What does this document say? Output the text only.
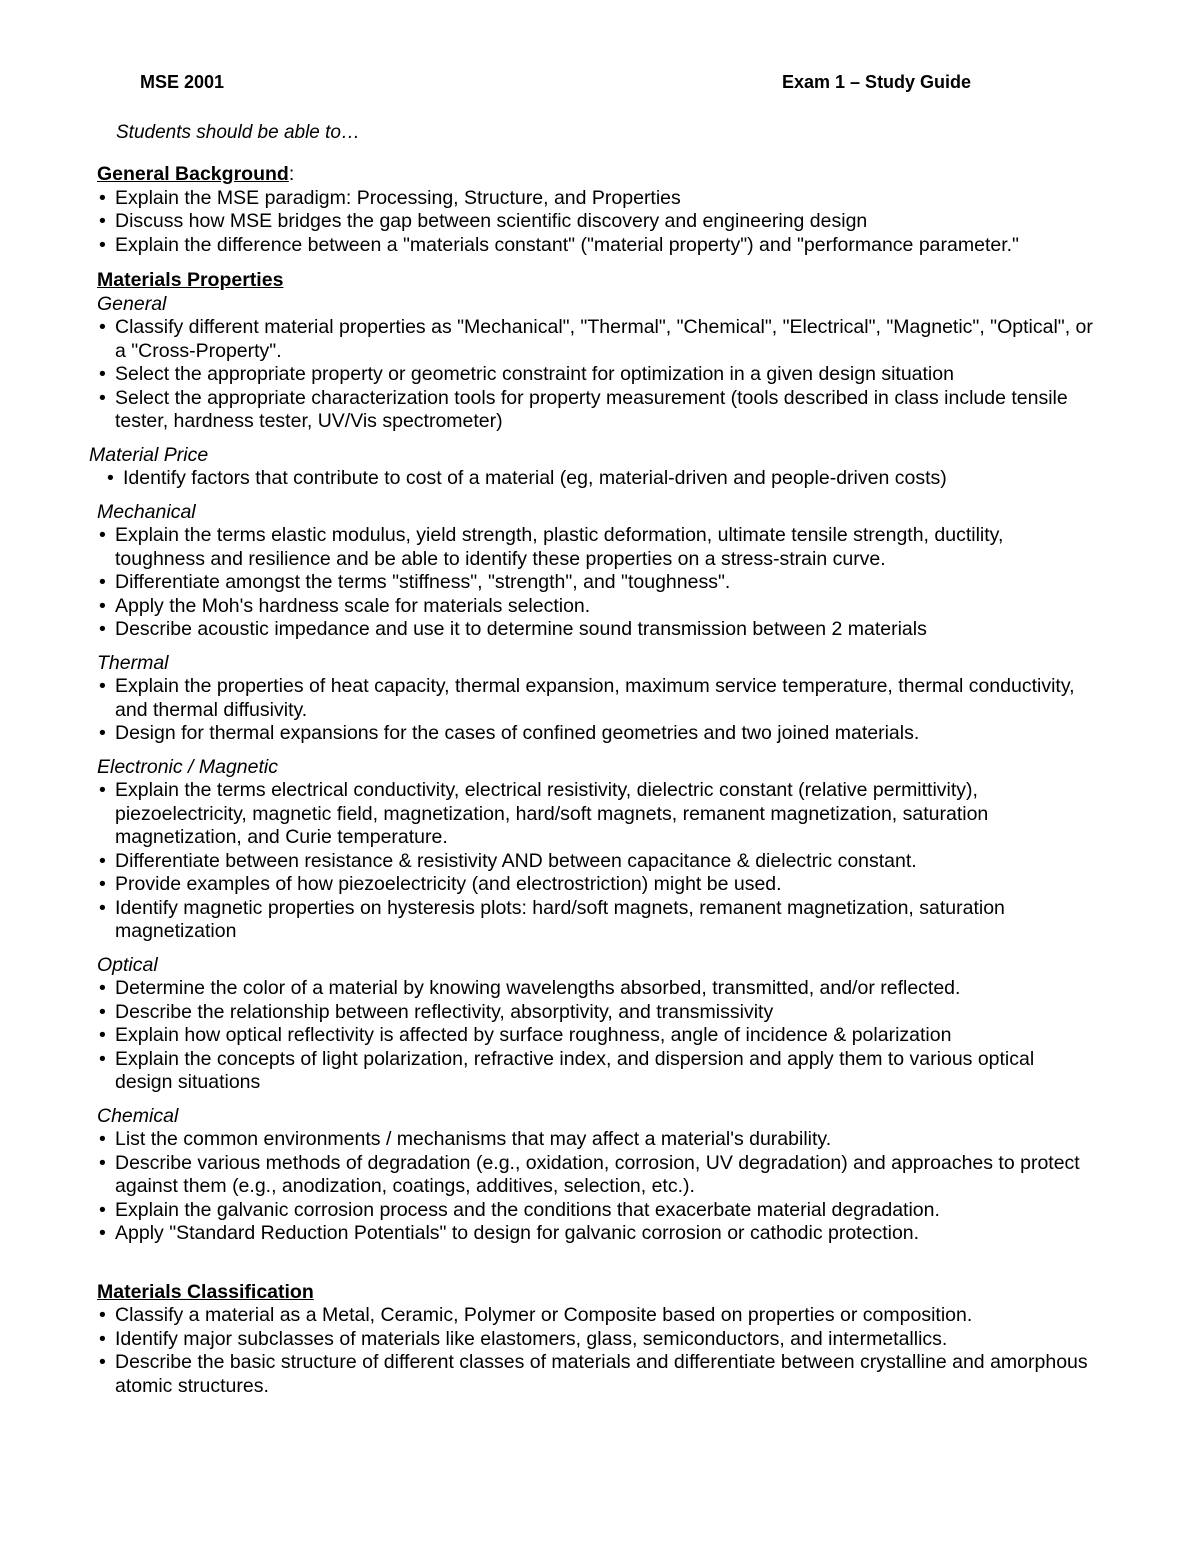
MSE 2001	Exam 1 – Study Guide
Students should be able to…
General Background:
• Explain the MSE paradigm: Processing, Structure, and Properties
• Discuss how MSE bridges the gap between scientific discovery and engineering design
• Explain the difference between a "materials constant" ("material property") and "performance parameter."
Materials Properties
General
• Classify different material properties as "Mechanical", "Thermal", "Chemical", "Electrical", "Magnetic", "Optical", or a "Cross-Property".
• Select the appropriate property or geometric constraint for optimization in a given design situation
• Select the appropriate characterization tools for property measurement (tools described in class include tensile tester, hardness tester, UV/Vis spectrometer)
Material Price
• Identify factors that contribute to cost of a material (eg, material-driven and people-driven costs)
Mechanical
• Explain the terms elastic modulus, yield strength, plastic deformation, ultimate tensile strength, ductility, toughness and resilience and be able to identify these properties on a stress-strain curve.
• Differentiate amongst the terms "stiffness", "strength", and "toughness".
• Apply the Moh's hardness scale for materials selection.
• Describe acoustic impedance and use it to determine sound transmission between 2 materials
Thermal
• Explain the properties of heat capacity, thermal expansion, maximum service temperature, thermal conductivity, and thermal diffusivity.
• Design for thermal expansions for the cases of confined geometries and two joined materials.
Electronic / Magnetic
• Explain the terms electrical conductivity, electrical resistivity, dielectric constant (relative permittivity), piezoelectricity, magnetic field, magnetization, hard/soft magnets, remanent magnetization, saturation magnetization, and Curie temperature.
• Differentiate between resistance & resistivity AND between capacitance & dielectric constant.
• Provide examples of how piezoelectricity (and electrostriction) might be used.
• Identify magnetic properties on hysteresis plots: hard/soft magnets, remanent magnetization, saturation magnetization
Optical
• Determine the color of a material by knowing wavelengths absorbed, transmitted, and/or reflected.
• Describe the relationship between reflectivity, absorptivity, and transmissivity
• Explain how optical reflectivity is affected by surface roughness, angle of incidence & polarization
• Explain the concepts of light polarization, refractive index, and dispersion and apply them to various optical design situations
Chemical
• List the common environments / mechanisms that may affect a material's durability.
• Describe various methods of degradation (e.g., oxidation, corrosion, UV degradation) and approaches to protect against them (e.g., anodization, coatings, additives, selection, etc.).
• Explain the galvanic corrosion process and the conditions that exacerbate material degradation.
• Apply "Standard Reduction Potentials" to design for galvanic corrosion or cathodic protection.
Materials Classification
• Classify a material as a Metal, Ceramic, Polymer or Composite based on properties or composition.
• Identify major subclasses of materials like elastomers, glass, semiconductors, and intermetallics.
• Describe the basic structure of different classes of materials and differentiate between crystalline and amorphous atomic structures.
